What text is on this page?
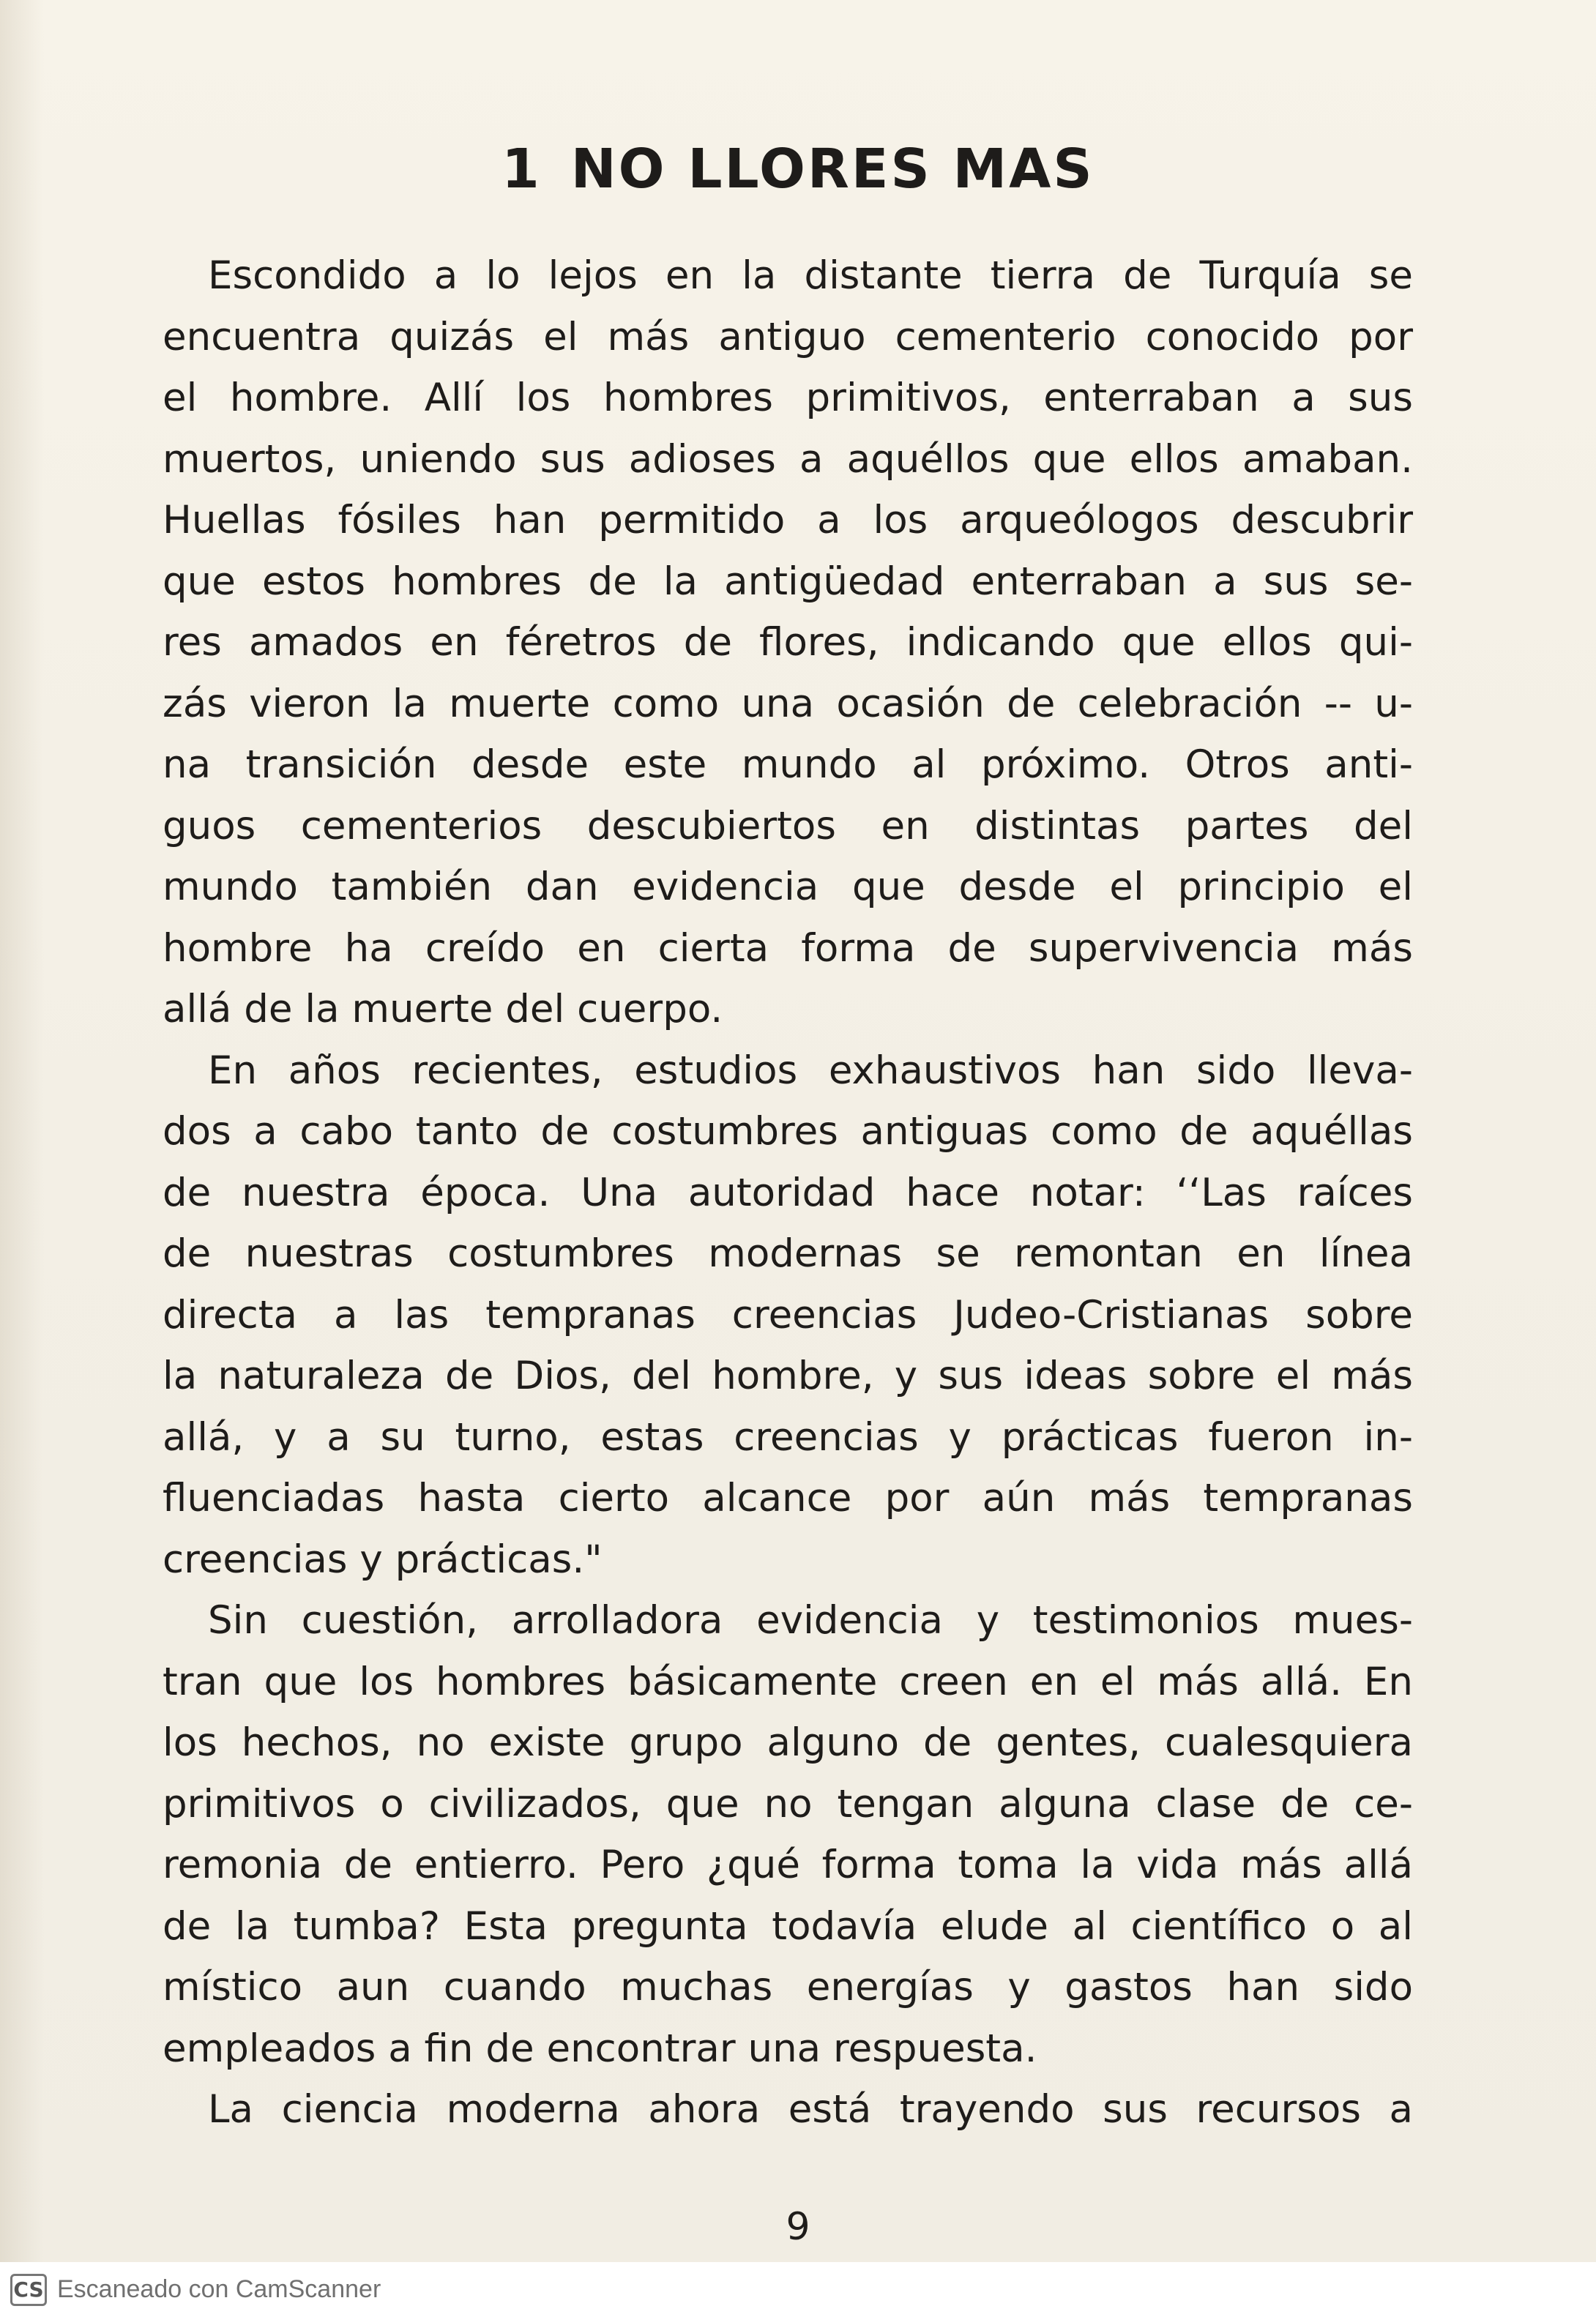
1 NO LLORES MAS
Escondido a lo lejos en la distante tierra de Turquía se
encuentra quizás el más antiguo cementerio conocido por
el hombre. Allí los hombres primitivos, enterraban a sus
muertos, uniendo sus adioses a aquéllos que ellos amaban.
Huellas fósiles han permitido a los arqueólogos descubrir
que estos hombres de la antigüedad enterraban a sus se-
res amados en féretros de flores, indicando que ellos qui-
zás vieron la muerte como una ocasión de celebración -- u-
na transición desde este mundo al próximo. Otros anti-
guos cementerios descubiertos en distintas partes del
mundo también dan evidencia que desde el principio el
hombre ha creído en cierta forma de supervivencia más
allá de la muerte del cuerpo.
En años recientes, estudios exhaustivos han sido lleva-
dos a cabo tanto de costumbres antiguas como de aquéllas
de nuestra época. Una autoridad hace notar: ‘‘Las raíces
de nuestras costumbres modernas se remontan en línea
directa a las tempranas creencias Judeo-Cristianas sobre
la naturaleza de Dios, del hombre, y sus ideas sobre el más
allá, y a su turno, estas creencias y prácticas fueron in-
fluenciadas hasta cierto alcance por aún más tempranas
creencias y prácticas."
Sin cuestión, arrolladora evidencia y testimonios mues-
tran que los hombres básicamente creen en el más allá. En
los hechos, no existe grupo alguno de gentes, cualesquiera
primitivos o civilizados, que no tengan alguna clase de ce-
remonia de entierro. Pero ¿qué forma toma la vida más allá
de la tumba? Esta pregunta todavía elude al científico o al
místico aun cuando muchas energías y gastos han sido
empleados a fin de encontrar una respuesta.
La ciencia moderna ahora está trayendo sus recursos a
9
CS Escaneado con CamScanner
